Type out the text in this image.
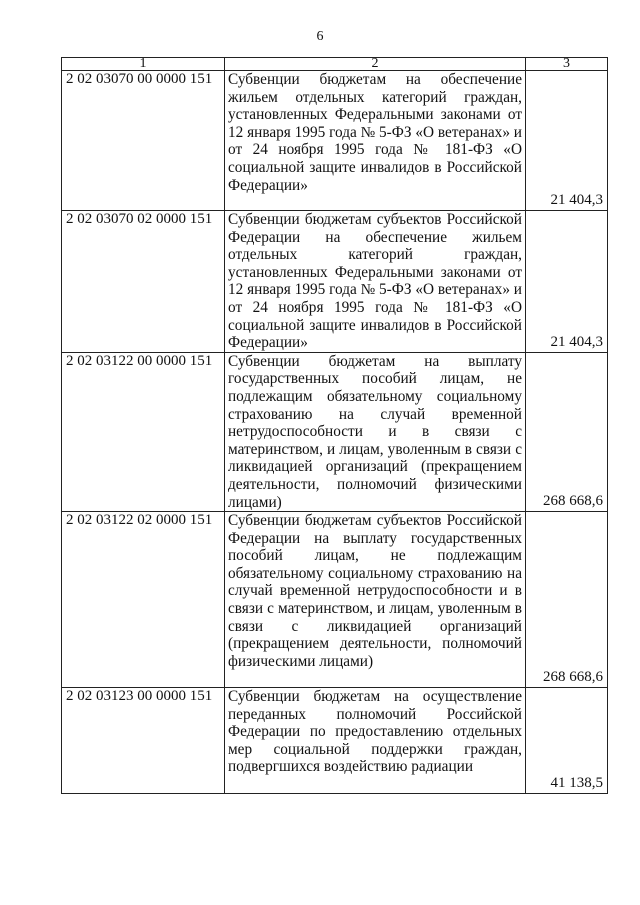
6
1	2	3
2 02 03070 00 0000 151	Субвенции бюджетам на обеспечение жильем отдельных категорий граждан, установленных Федеральными законами от 12 января 1995 года № 5-ФЗ «О ветеранах» и от 24 ноября 1995 года № 181-ФЗ «О социальной защите инвалидов в Российской Федерации»	21 404,3
2 02 03070 02 0000 151	Субвенции бюджетам субъектов Российской Федерации на обеспечение жильем отдельных категорий граждан, установленных Федеральными законами от 12 января 1995 года № 5-ФЗ «О ветеранах» и от 24 ноября 1995 года № 181-ФЗ «О социальной защите инвалидов в Российской Федерации»	21 404,3
2 02 03122 00 0000 151	Субвенции бюджетам на выплату государственных пособий лицам, не подлежащим обязательному социальному страхованию на случай временной нетрудоспособности и в связи с материнством, и лицам, уволенным в связи с ликвидацией организаций (прекращением деятельности, полномочий физическими лицами)	268 668,6
2 02 03122 02 0000 151	Субвенции бюджетам субъектов Российской Федерации на выплату государственных пособий лицам, не подлежащим обязательному социальному страхованию на случай временной нетрудоспособности и в связи с материнством, и лицам, уволенным в связи с ликвидацией организаций (прекращением деятельности, полномочий физическими лицами)	268 668,6
2 02 03123 00 0000 151	Субвенции бюджетам на осуществление переданных полномочий Российской Федерации по предоставлению отдельных мер социальной поддержки граждан, подвергшихся воздействию радиации	41 138,5
